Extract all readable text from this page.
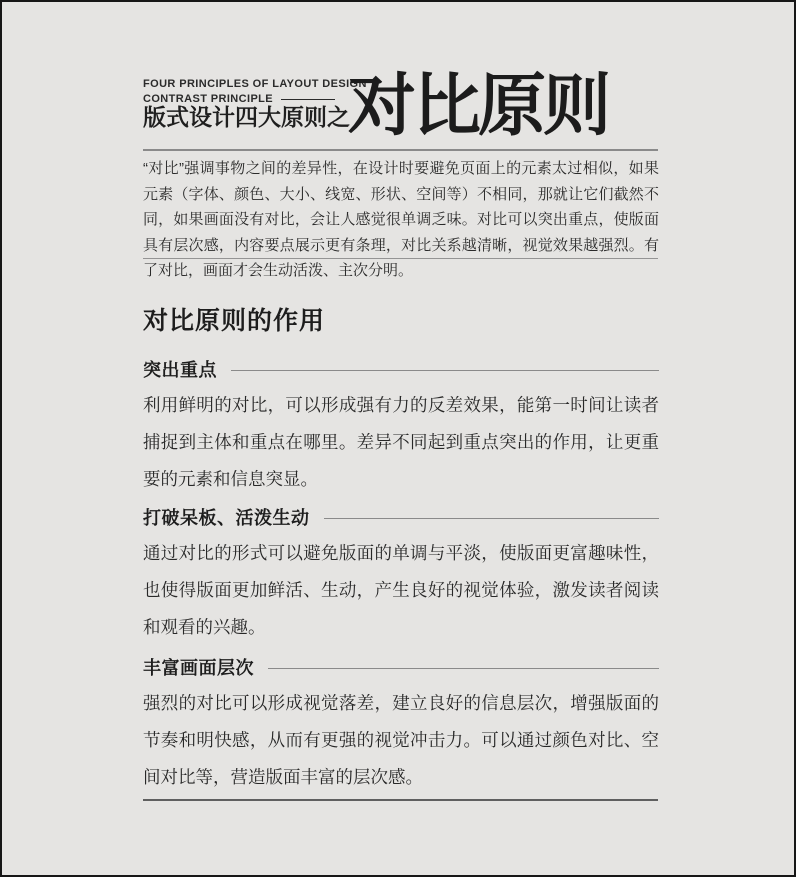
FOUR PRINCIPLES OF LAYOUT DESIGN
CONTRAST PRINCIPLE
版式设计四大原则之
对比原则
“对比”强调事物之间的差异性，在设计时要避免页面上的元素太过相似，如果元素（字体、颜色、大小、线宽、形状、空间等）不相同，那就让它们截然不同，如果画面没有对比，会让人感觉很单调乏味。对比可以突出重点，使版面具有层次感，内容要点展示更有条理，对比关系越清晰，视觉效果越强烈。有了对比，画面才会生动活泼、主次分明。
对比原则的作用
突出重点
利用鲜明的对比，可以形成强有力的反差效果，能第一时间让读者捕捉到主体和重点在哪里。差异不同起到重点突出的作用，让更重要的元素和信息突显。
打破呆板、活泼生动
通过对比的形式可以避免版面的单调与平淡，使版面更富趣味性，也使得版面更加鲜活、生动，产生良好的视觉体验，激发读者阅读和观看的兴趣。
丰富画面层次
强烈的对比可以形成视觉落差，建立良好的信息层次，增强版面的节奏和明快感，从而有更强的视觉冲击力。可以通过颜色对比、空间对比等，营造版面丰富的层次感。
